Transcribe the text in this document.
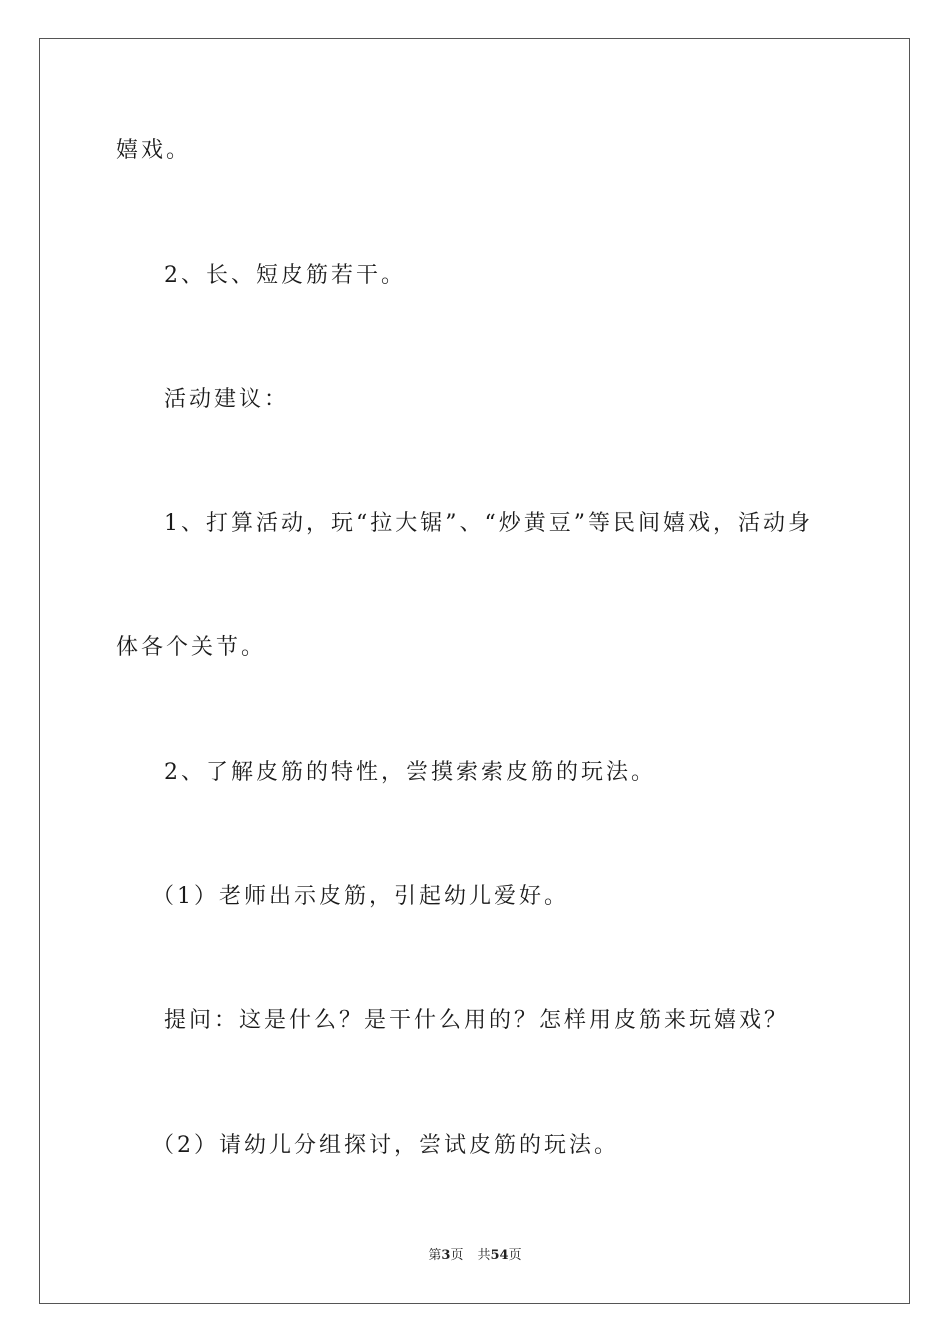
嬉戏。

2、长、短皮筋若干。

活动建议：

1、打算活动，玩“拉大锯”、“炒黄豆”等民间嬉戏，活动身

体各个关节。

2、了解皮筋的特性，尝摸索索皮筋的玩法。

（1）老师出示皮筋，引起幼儿爱好。

提问：这是什么？是干什么用的？怎样用皮筋来玩嬉戏？

（2）请幼儿分组探讨，尝试皮筋的玩法。

第3页 共54页
